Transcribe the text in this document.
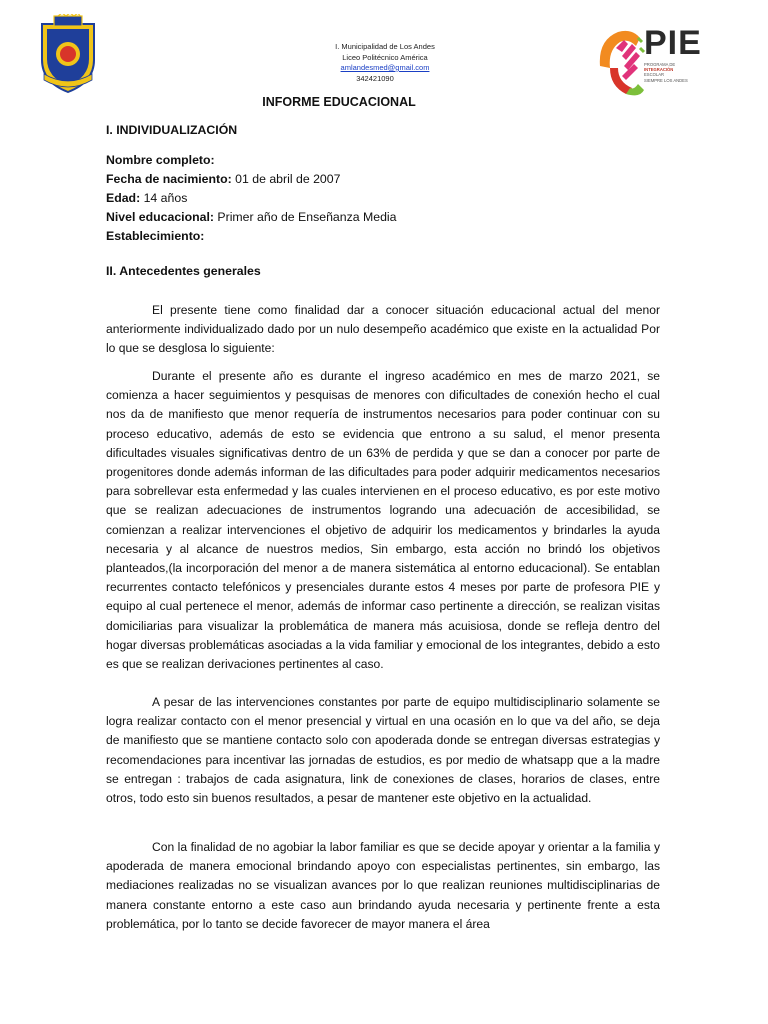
I. Municipalidad de Los Andes
Liceo Politécnico América
amlandesmed@gmail.com
342421090
PIE
PROGRAMA DE
INTEGRACIÓN
ESCOLAR
SIEMPRE LOS ANDES
INFORME EDUCACIONAL
I. INDIVIDUALIZACIÓN
Nombre completo:
Fecha de nacimiento: 01 de abril de 2007
Edad: 14 años
Nivel educacional: Primer año de Enseñanza Media
Establecimiento:
II. Antecedentes generales

El presente tiene como finalidad dar a conocer situación educacional actual del menor anteriormente individualizado dado por un nulo desempeño académico que existe en la actualidad Por lo que se desglosa lo siguiente:

Durante el presente año es durante el ingreso académico en mes de marzo 2021, se comienza a hacer seguimientos y pesquisas de menores con dificultades de conexión hecho el cual nos da de manifiesto que menor requería de instrumentos necesarios para poder continuar con su proceso educativo, además de esto se evidencia que entrono a su salud, el menor presenta dificultades visuales significativas dentro de un 63% de perdida y que se dan a conocer por parte de progenitores donde además informan de las dificultades para poder adquirir medicamentos necesarios para sobrellevar esta enfermedad y las cuales intervienen en el proceso educativo, es por este motivo que se realizan adecuaciones de instrumentos logrando una adecuación de accesibilidad, se comienzan a realizar intervenciones el objetivo de adquirir los medicamentos y brindarles la ayuda necesaria y al alcance de nuestros medios, Sin embargo, esta acción no brindó los objetivos planteados,(la incorporación del menor a de manera sistemática al entorno educacional). Se entablan recurrentes contacto telefónicos y presenciales durante estos 4 meses por parte de profesora PIE y equipo al cual pertenece el menor, además de informar caso pertinente a dirección, se realizan visitas domiciliarias para visualizar la problemática de manera más acuisiosa, donde se refleja dentro del hogar diversas problemáticas asociadas a la vida familiar y emocional de los integrantes, debido a esto es que se realizan derivaciones pertinentes al caso.

A pesar de las intervenciones constantes por parte de equipo multidisciplinario solamente se logra realizar contacto con el menor presencial y virtual en una ocasión en lo que va del año, se deja de manifiesto que se mantiene contacto solo con apoderada donde se entregan diversas estrategias y recomendaciones para incentivar las jornadas de estudios, es por medio de whatsapp que a la madre se entregan : trabajos de cada asignatura, link de conexiones de clases, horarios de clases, entre otros, todo esto sin buenos resultados, a pesar de mantener este objetivo en la actualidad.

Con la finalidad de no agobiar la labor familiar es que se decide apoyar y orientar a la familia y apoderada de manera emocional brindando apoyo con especialistas pertinentes, sin embargo, las mediaciones realizadas no se visualizan avances por lo que realizan reuniones multidisciplinarias de manera constante entorno a este caso aun brindando ayuda necesaria y pertinente frente a esta problemática, por lo tanto se decide favorecer de mayor manera el área
